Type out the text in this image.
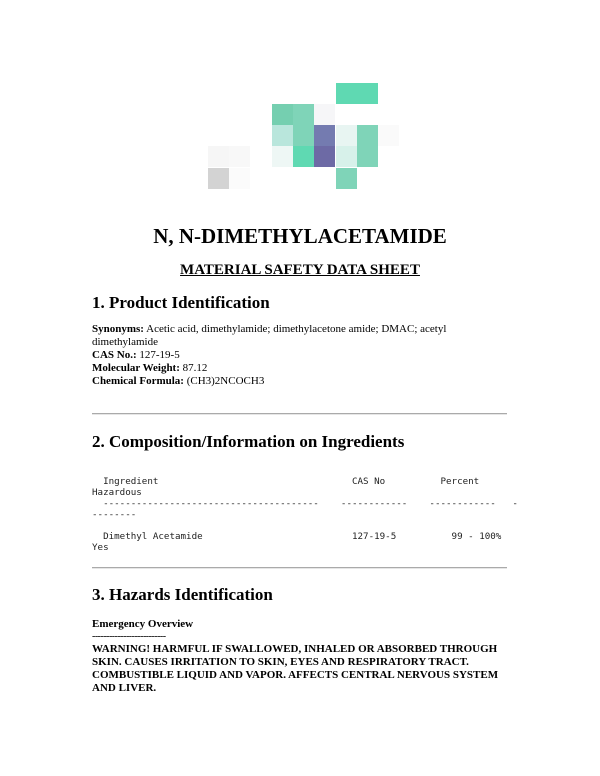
N, N-DIMETHYLACETAMIDE
MATERIAL SAFETY DATA SHEET
1. Product Identification
Synonyms: Acetic acid, dimethylamide; dimethylacetone amide; DMAC; acetyl dimethylamide
CAS No.: 127-19-5
Molecular Weight: 87.12
Chemical Formula: (CH3)2NCOCH3
2. Composition/Information on Ingredients
Ingredient                                   CAS No          Percent
Hazardous
---------------------------------------    ------------    ------------   -
--------

Dimethyl Acetamide                           127-19-5          99 - 100%
Yes
3. Hazards Identification
Emergency Overview
--------------------------
WARNING! HARMFUL IF SWALLOWED, INHALED OR ABSORBED THROUGH SKIN. CAUSES IRRITATION TO SKIN, EYES AND RESPIRATORY TRACT. COMBUSTIBLE LIQUID AND VAPOR. AFFECTS CENTRAL NERVOUS SYSTEM AND LIVER.
